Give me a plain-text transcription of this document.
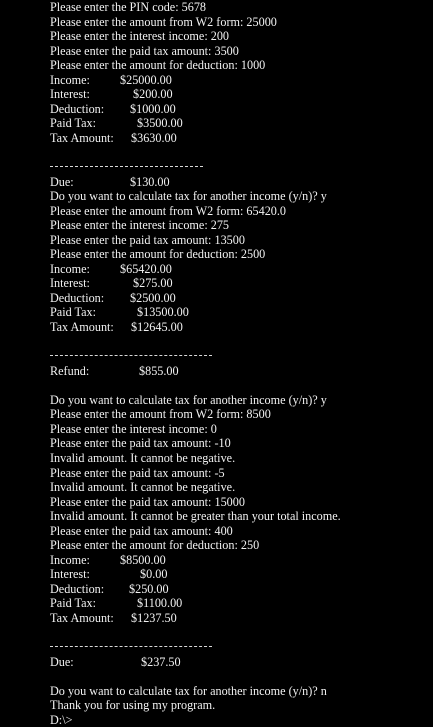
Please enter the PIN code: 5678
Please enter the amount from W2 form: 25000
Please enter the interest income: 200
Please enter the paid tax amount: 3500
Please enter the amount for deduction: 1000

Income:

$25000.00

Interest:

	$200.00

Deduction:

$1000.00

Paid Tax:

	$3500.00

Tax Amount:

$3630.00

Due:

	$130.00

Do you want to calculate tax for another income (y/n)? y
Please enter the amount from W2 form: 65420.0
Please enter the interest income: 275
Please enter the paid tax amount: 13500
Please enter the amount for deduction: 2500

Income:

$65420.00

Interest:

	$275.00

Deduction:

$2500.00

Paid Tax:

	$13500.00

Tax Amount:

$12645.00

Refund:

	$855.00

Do you want to calculate tax for another income (y/n)? y
Please enter the amount from W2 form: 8500
Please enter the interest income: 0
Please enter the paid tax amount: -10
Invalid amount. It cannot be negative.
Please enter the paid tax amount: -5
Invalid amount. It cannot be negative.
Please enter the paid tax amount: 15000
Invalid amount. It cannot be greater than your total income.
Please enter the paid tax amount: 400
Please enter the amount for deduction: 250

Income:

$8500.00

Interest:

	$0.00

Deduction:

$250.00

Paid Tax:

	$1100.00

Tax Amount:

$1237.50

Due:

	$237.50

Do you want to calculate tax for another income (y/n)? n
Thank you for using my program.
D:\>
